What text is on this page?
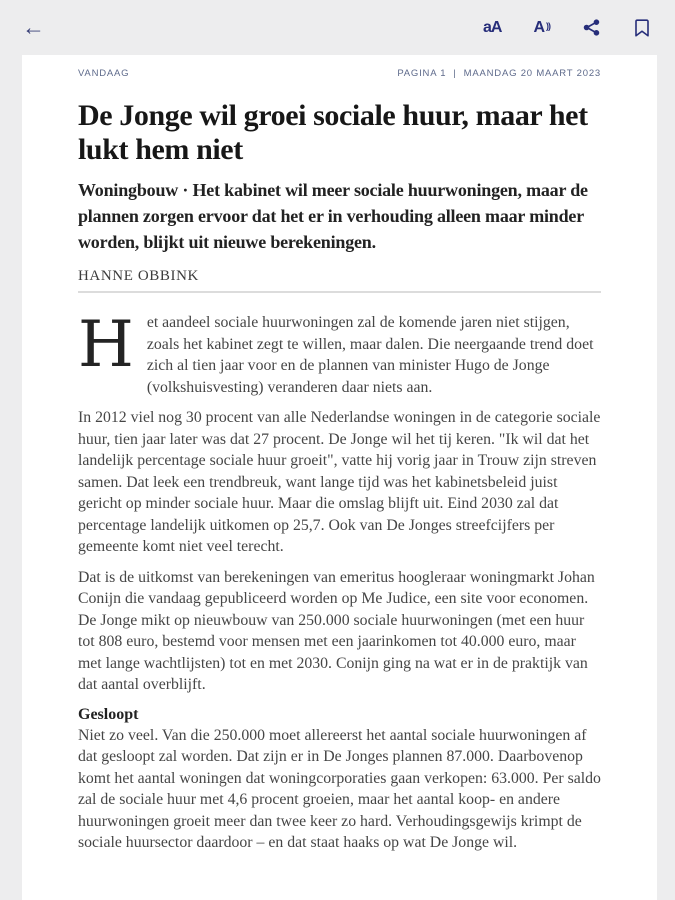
←	aA A ))
VANDAAG	PAGINA 1 | MAANDAG 20 MAART 2023
De Jonge wil groei sociale huur, maar het lukt hem niet

Woningbouw · Het kabinet wil meer sociale huurwoningen, maar de plannen zorgen ervoor dat het er in verhouding alleen maar minder worden, blijkt uit nieuwe berekeningen.

HANNE OBBINK

Het aandeel sociale huurwoningen zal de komende jaren niet stijgen, zoals het kabinet zegt te willen, maar dalen. Die neergaande trend doet zich al tien jaar voor en de plannen van minister Hugo de Jonge (volkshuisvesting) veranderen daar niets aan.

In 2012 viel nog 30 procent van alle Nederlandse woningen in de categorie sociale huur, tien jaar later was dat 27 procent. De Jonge wil het tij keren. "Ik wil dat het landelijk percentage sociale huur groeit", vatte hij vorig jaar in Trouw zijn streven samen. Dat leek een trendbreuk, want lange tijd was het kabinetsbeleid juist gericht op minder sociale huur. Maar die omslag blijft uit. Eind 2030 zal dat percentage landelijk uitkomen op 25,7. Ook van De Jonges streefcijfers per gemeente komt niet veel terecht.

Dat is de uitkomst van berekeningen van emeritus hoogleraar woningmarkt Johan Conijn die vandaag gepubliceerd worden op Me Judice, een site voor economen. De Jonge mikt op nieuwbouw van 250.000 sociale huurwoningen (met een huur tot 808 euro, bestemd voor mensen met een jaarinkomen tot 40.000 euro, maar met lange wachtlijsten) tot en met 2030. Conijn ging na wat er in de praktijk van dat aantal overblijft.

Gesloopt

Niet zo veel. Van die 250.000 moet allereerst het aantal sociale huurwoningen af dat gesloopt zal worden. Dat zijn er in De Jonges plannen 87.000. Daarbovenop komt het aantal woningen dat woningcorporaties gaan verkopen: 63.000. Per saldo zal de sociale huur met 4,6 procent groeien, maar het aantal koop- en andere huurwoningen groeit meer dan twee keer zo hard. Verhoudingsgewijs krimpt de sociale huursector daardoor – en dat staat haaks op wat De Jonge wil.
